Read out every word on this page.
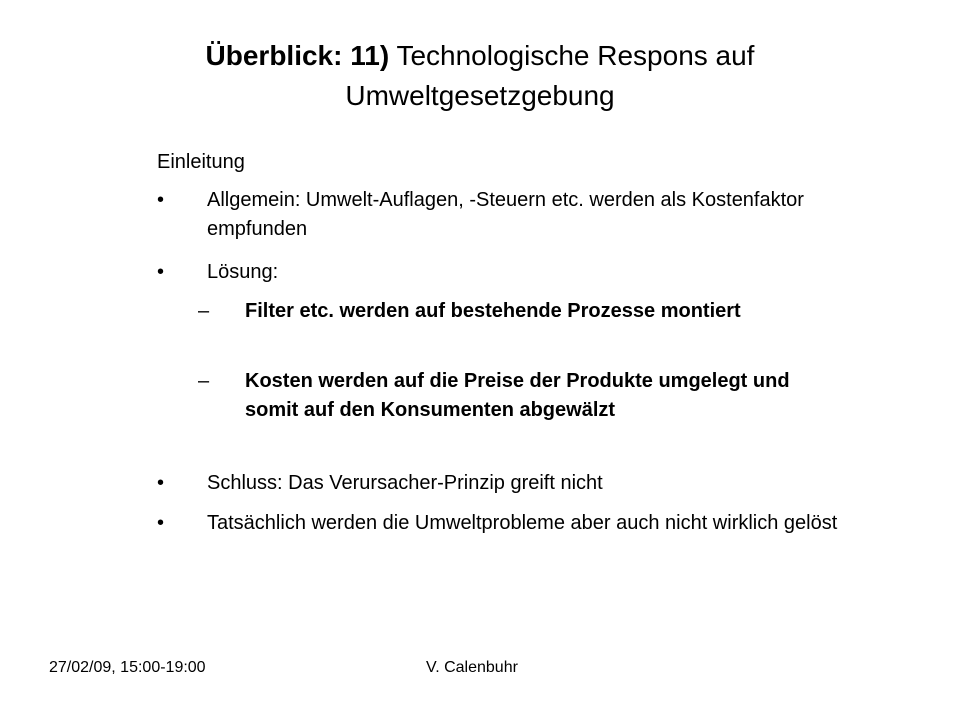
Überblick: 11) Technologische Respons auf
Umweltgesetzgebung

Einleitung

•	Allgemein: Umwelt-Auflagen, -Steuern etc. werden als Kostenfaktor empfunden
•	Lösung:
– Filter etc. werden auf bestehende Prozesse montiert
– Kosten werden auf die Preise der Produkte umgelegt und somit auf den Konsumenten abgewälzt
•	Schluss: Das Verursacher-Prinzip greift nicht
•	Tatsächlich werden die Umweltprobleme aber auch nicht wirklich gelöst
27/02/09, 15:00-19:00	V. Calenbuhr
